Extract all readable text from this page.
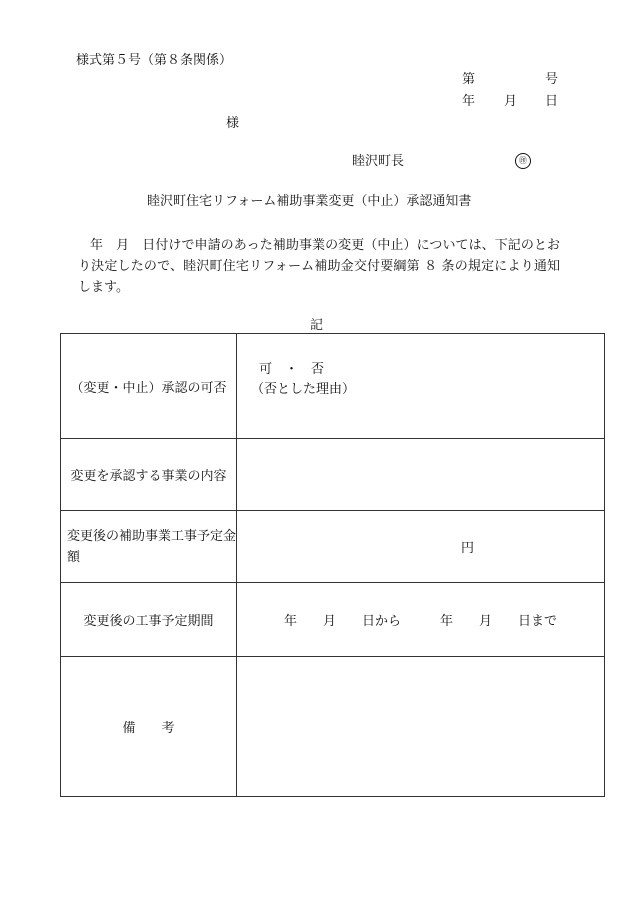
様式第５号（第８条関係）
第	号
年 月 日
様
睦沢町長	㊞
睦沢町住宅リフォーム補助事業変更（中止）承認通知書
年　月　日付けで申請のあった補助事業の変更（中止）については、下記のとおり決定したので、睦沢町住宅リフォーム補助金交付要綱第 ８ 条の規定により通知します。
記
（変更・中止）承認の可否	可　・　否
（否とした理由）

変更を承認する事業の内容	
変更後の補助事業工事予定金額	円
変更後の工事予定期間	年　　月　　日から　　　年　　月　　日まで
備　　考	
